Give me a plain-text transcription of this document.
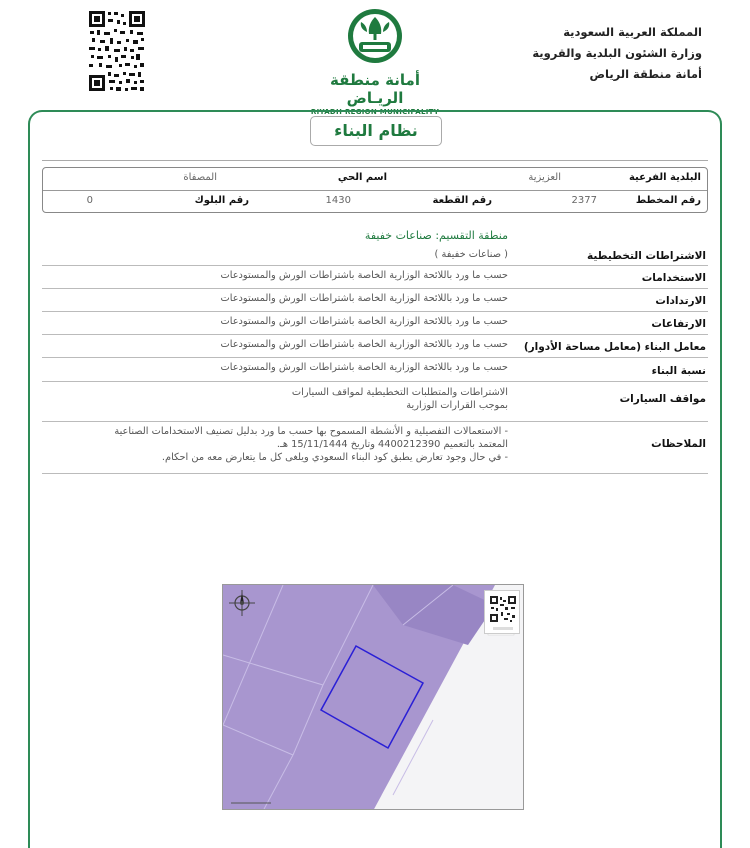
أمانة منطقة الريـاض
RIYADH REGION MUNICIPALITY
المملكة العربية السعودية
وزارة الشئون البلدية والقروية
أمانة منطقة الرياض
نظام البناء
البلدية الفرعية
العزيزية
اسم الحي
المصفاة
رقم المخطط
2377
رقم القطعة
1430
رقم البلوك
0
منطقة التقسيم: صناعات خفيفة
الاشتراطات التخطيطية
( صناعات خفيفة )
الاستخدامات
حسب ما ورد باللائحة الوزارية الخاصة باشتراطات الورش والمستودعات
الارتدادات
حسب ما ورد باللائحة الوزارية الخاصة باشتراطات الورش والمستودعات
الارتفاعات
حسب ما ورد باللائحة الوزارية الخاصة باشتراطات الورش والمستودعات
معامل البناء (معامل مساحة الأدوار)
حسب ما ورد باللائحة الوزارية الخاصة باشتراطات الورش والمستودعات
نسبة البناء
حسب ما ورد باللائحة الوزارية الخاصة باشتراطات الورش والمستودعات
مواقف السيارات
الاشتراطات والمتطلبات التخطيطية لمواقف السيارات
بموجب القرارات الوزارية
الملاحظات
- الاستعمالات التفصيلية و الأنشطة المسموح بها حسب ما ورد بدليل تصنيف الاستخدامات الصناعية
المعتمد بالتعميم 4400212390 وتاريخ 15/11/1444 هـ.
- في حال وجود تعارض يطبق كود البناء السعودي ويلغى كل ما يتعارض معه من احكام.
